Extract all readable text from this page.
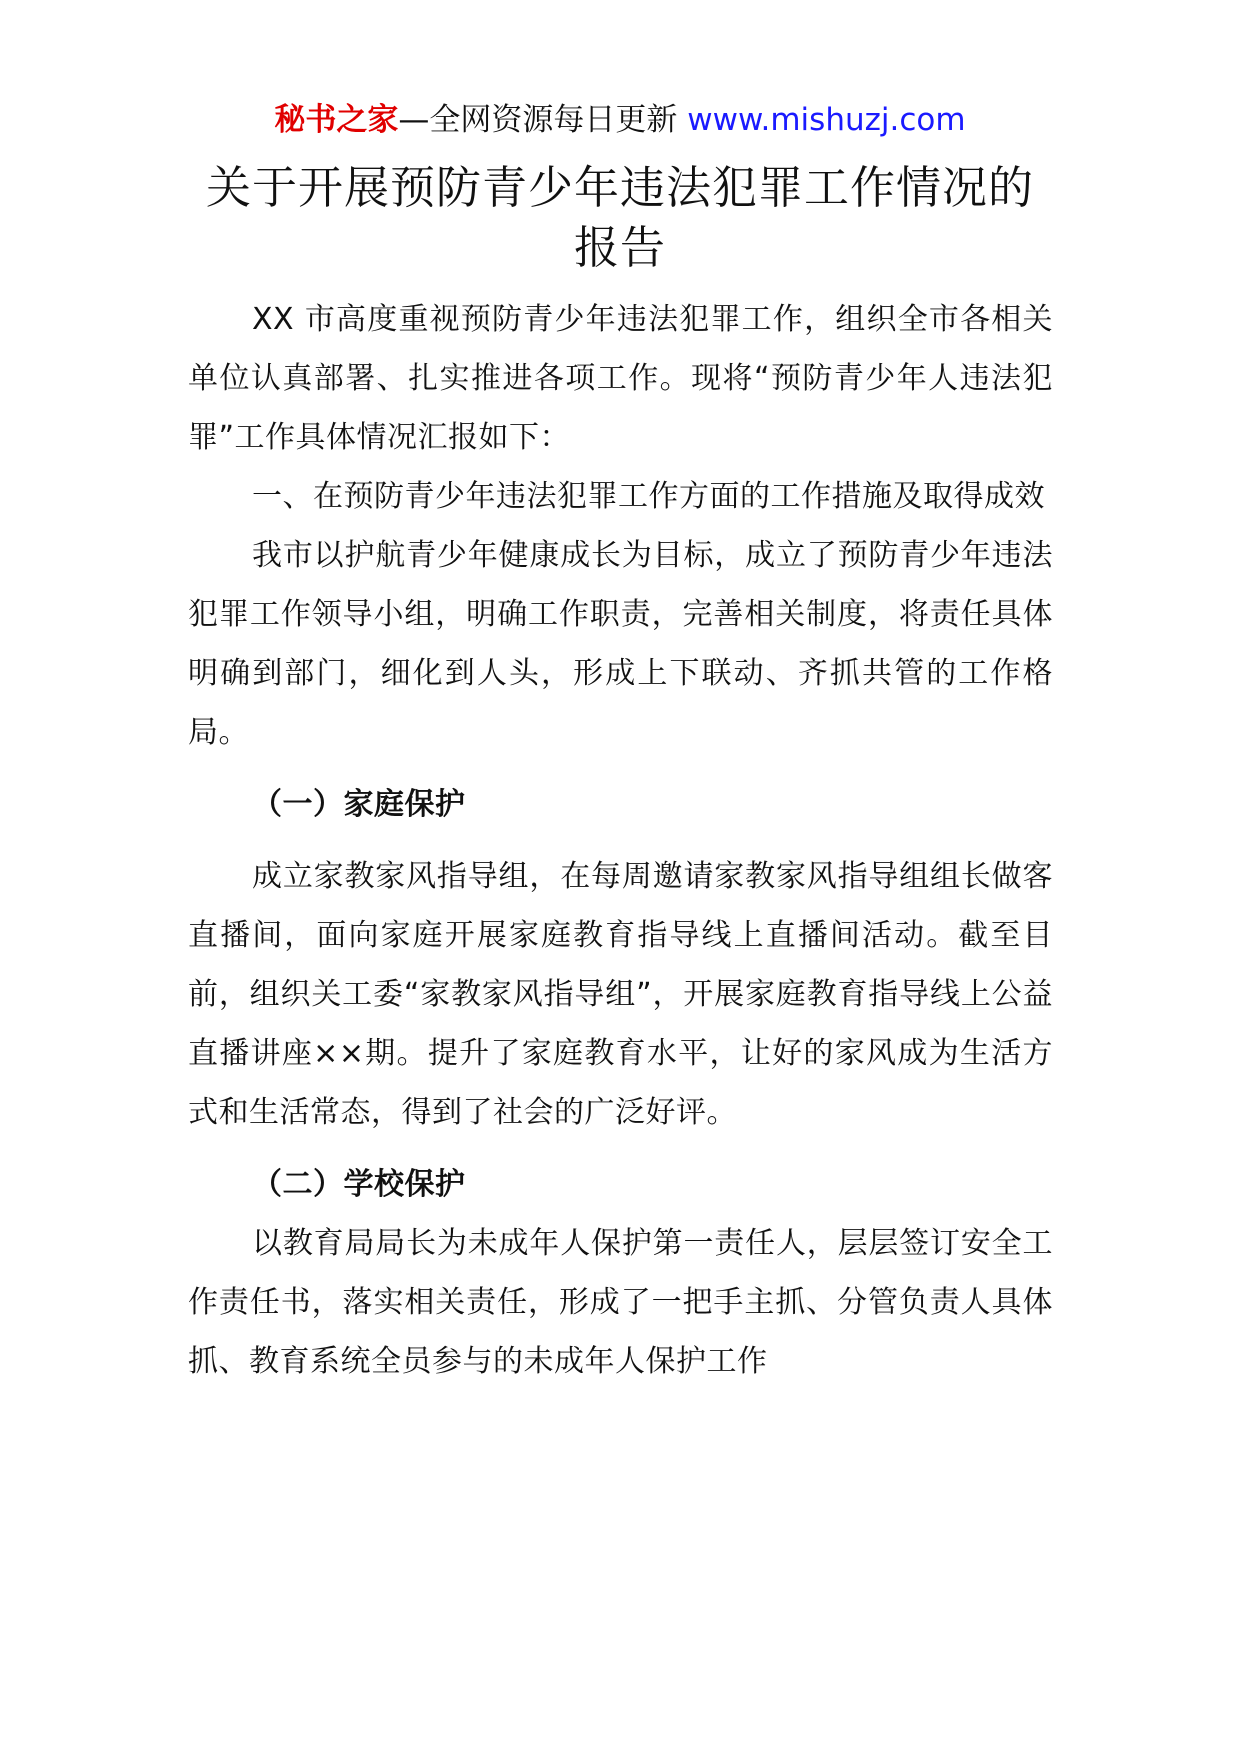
秘书之家—全网资源每日更新 www.mishuzj.com
关于开展预防青少年违法犯罪工作情况的
报告

XX 市高度重视预防青少年违法犯罪工作，组织全市各相关单位认真部署、扎实推进各项工作。现将“预防青少年人违法犯罪”工作具体情况汇报如下：

一、在预防青少年违法犯罪工作方面的工作措施及取得成效

我市以护航青少年健康成长为目标，成立了预防青少年违法犯罪工作领导小组，明确工作职责，完善相关制度，将责任具体明确到部门，细化到人头，形成上下联动、齐抓共管的工作格局。

（一）家庭保护

成立家教家风指导组，在每周邀请家教家风指导组组长做客直播间，面向家庭开展家庭教育指导线上直播间活动。截至目前，组织关工委“家教家风指导组”，开展家庭教育指导线上公益直播讲座××期。提升了家庭教育水平，让好的家风成为生活方式和生活常态，得到了社会的广泛好评。

（二）学校保护

以教育局局长为未成年人保护第一责任人，层层签订安全工作责任书，落实相关责任，形成了一把手主抓、分管负责人具体抓、教育系统全员参与的未成年人保护工作
